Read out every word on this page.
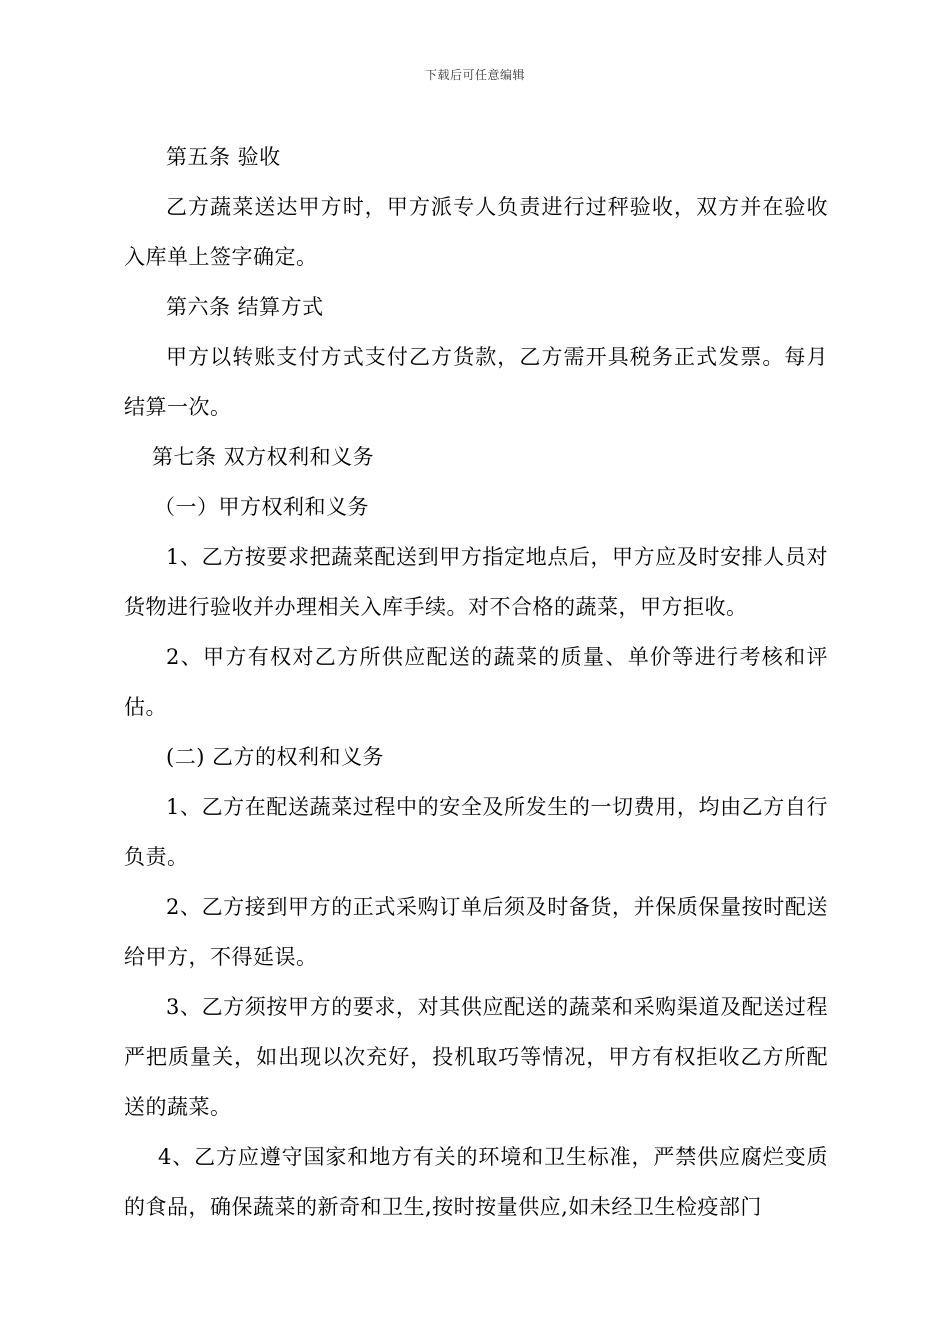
下载后可任意编辑

第五条 验收

乙方蔬菜送达甲方时，甲方派专人负责进行过秤验收，双方并在验收入库单上签字确定。

第六条 结算方式

甲方以转账支付方式支付乙方货款，乙方需开具税务正式发票。每月结算一次。

第七条 双方权利和义务

（一）甲方权利和义务

1、乙方按要求把蔬菜配送到甲方指定地点后，甲方应及时安排人员对货物进行验收并办理相关入库手续。对不合格的蔬菜，甲方拒收。

2、甲方有权对乙方所供应配送的蔬菜的质量、单价等进行考核和评估。

(二) 乙方的权利和义务

1、乙方在配送蔬菜过程中的安全及所发生的一切费用，均由乙方自行负责。

2、乙方接到甲方的正式采购订单后须及时备货，并保质保量按时配送给甲方，不得延误。

3、乙方须按甲方的要求，对其供应配送的蔬菜和采购渠道及配送过程严把质量关，如出现以次充好，投机取巧等情况，甲方有权拒收乙方所配送的蔬菜。

4、乙方应遵守国家和地方有关的环境和卫生标准，严禁供应腐烂变质的食品，确保蔬菜的新奇和卫生,按时按量供应,如未经卫生检疫部门
